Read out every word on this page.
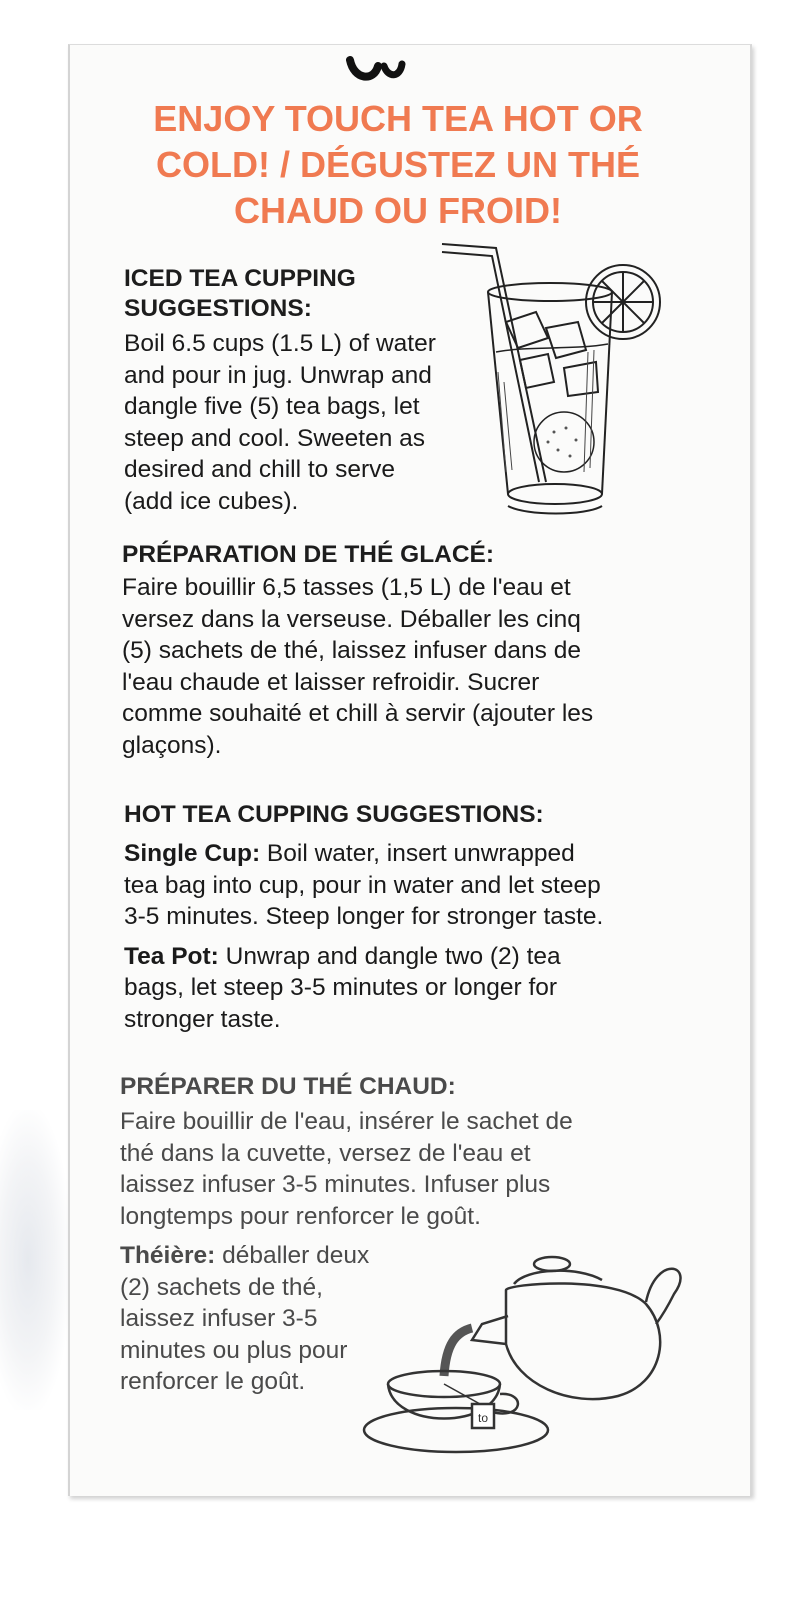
ENJOY TOUCH TEA HOT OR
COLD! / DÉGUSTEZ UN THÉ
CHAUD OU FROID!
ICED TEA CUPPING
SUGGESTIONS:
Boil 6.5 cups (1.5 L) of water
and pour in jug. Unwrap and
dangle five (5) tea bags, let
steep and cool. Sweeten as
desired and chill to serve
(add ice cubes).
PRÉPARATION DE THÉ GLACÉ:
Faire bouillir 6,5 tasses (1,5 L) de l'eau et
versez dans la verseuse. Déballer les cinq
(5) sachets de thé, laissez infuser dans de
l'eau chaude et laisser refroidir. Sucrer
comme souhaité et chill à servir (ajouter les
glaçons).
HOT TEA CUPPING SUGGESTIONS:
Single Cup: Boil water, insert unwrapped
tea bag into cup, pour in water and let steep
3-5 minutes. Steep longer for stronger taste.
Tea Pot: Unwrap and dangle two (2) tea
bags, let steep 3-5 minutes or longer for
stronger taste.
PRÉPARER DU THÉ CHAUD:
Faire bouillir de l'eau, insérer le sachet de
thé dans la cuvette, versez de l'eau et
laissez infuser 3-5 minutes. Infuser plus
longtemps pour renforcer le goût.
Théière: déballer deux
(2) sachets de thé,
laissez infuser 3-5
minutes ou plus pour
renforcer le goût.
to
